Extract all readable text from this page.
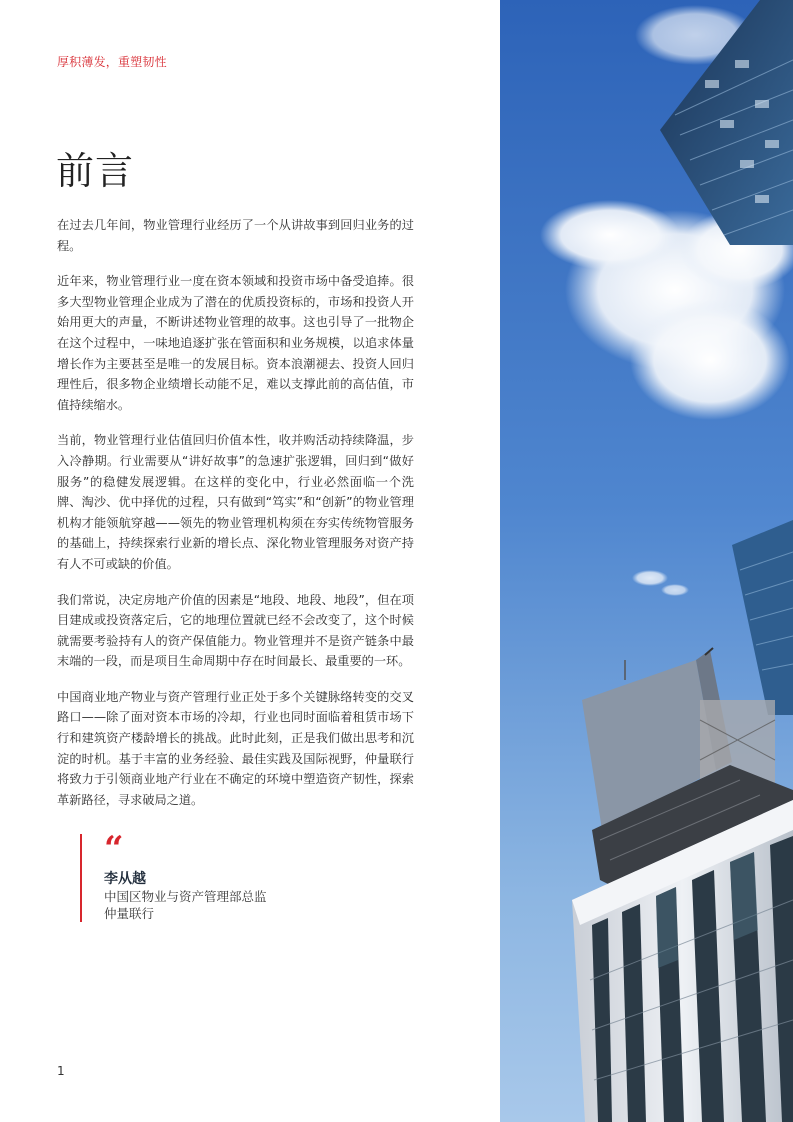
厚积薄发，重塑韧性
前言

在过去几年间，物业管理行业经历了一个从讲故事到回归业务的过程。

近年来，物业管理行业一度在资本领域和投资市场中备受追捧。很多大型物业管理企业成为了潜在的优质投资标的，市场和投资人开始用更大的声量，不断讲述物业管理的故事。这也引导了一批物企在这个过程中，一味地追逐扩张在管面积和业务规模，以追求体量增长作为主要甚至是唯一的发展目标。资本浪潮褪去、投资人回归理性后，很多物企业绩增长动能不足，难以支撑此前的高估值，市值持续缩水。

当前，物业管理行业估值回归价值本性，收并购活动持续降温，步入冷静期。行业需要从“讲好故事”的急速扩张逻辑，回归到“做好服务”的稳健发展逻辑。在这样的变化中，行业必然面临一个洗牌、淘沙、优中择优的过程，只有做到“笃实”和“创新”的物业管理机构才能领航穿越——领先的物业管理机构须在夯实传统物管服务的基础上，持续探索行业新的增长点、深化物业管理服务对资产持有人不可或缺的价值。

我们常说，决定房地产价值的因素是“地段、地段、地段”，但在项目建成或投资落定后，它的地理位置就已经不会改变了，这个时候就需要考验持有人的资产保值能力。物业管理并不是资产链条中最末端的一段，而是项目生命周期中存在时间最长、最重要的一环。

中国商业地产物业与资产管理行业正处于多个关键脉络转变的交叉路口——除了面对资本市场的冷却，行业也同时面临着租赁市场下行和建筑资产楼龄增长的挑战。此时此刻，正是我们做出思考和沉淀的时机。基于丰富的业务经验、最佳实践及国际视野，仲量联行将致力于引领商业地产行业在不确定的环境中塑造资产韧性，探索革新路径，寻求破局之道。

“
李从越
中国区物业与资产管理部总监
仲量联行
1
